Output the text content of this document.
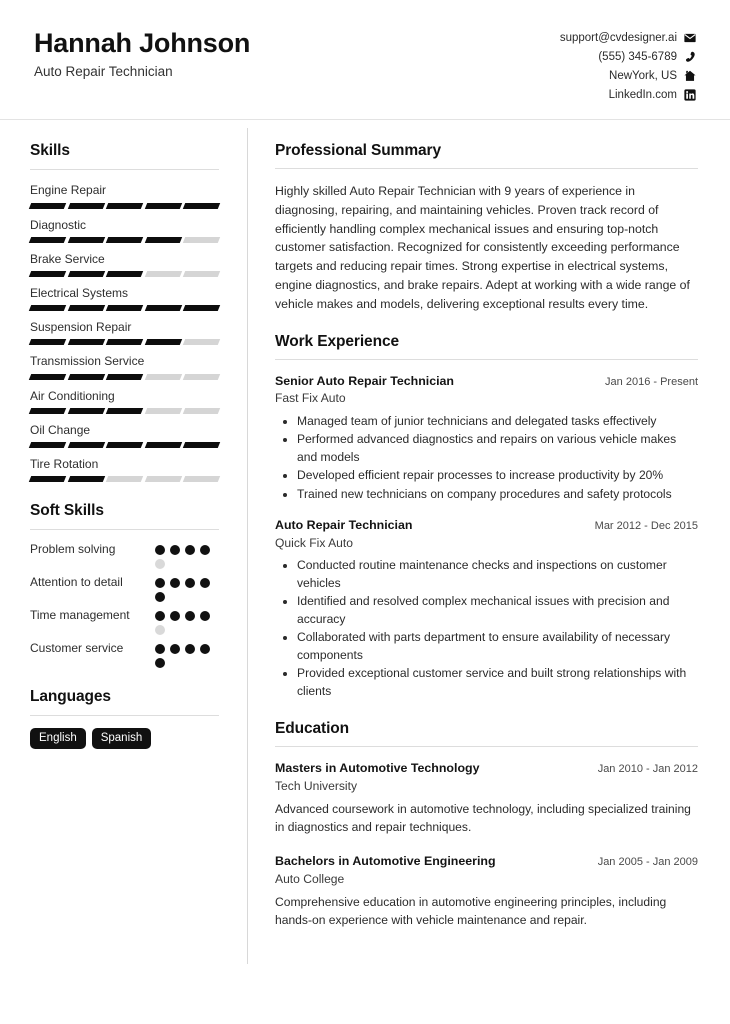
Hannah Johnson
Auto Repair Technician
support@cvdesigner.ai
(555) 345-6789
NewYork, US
LinkedIn.com
Skills
Engine Repair
Diagnostic
Brake Service
Electrical Systems
Suspension Repair
Transmission Service
Air Conditioning
Oil Change
Tire Rotation
Soft Skills
Problem solving
Attention to detail
Time management
Customer service
Languages
English	Spanish
Professional Summary

Highly skilled Auto Repair Technician with 9 years of experience in diagnosing, repairing, and maintaining vehicles. Proven track record of efficiently handling complex mechanical issues and ensuring top-notch customer satisfaction. Recognized for consistently exceeding performance targets and reducing repair times. Strong expertise in electrical systems, engine diagnostics, and brake repairs. Adept at working with a wide range of vehicle makes and models, delivering exceptional results every time.

Work Experience
Senior Auto Repair Technician	Jan 2016 - Present
Fast Fix Auto
• Managed team of junior technicians and delegated tasks effectively
• Performed advanced diagnostics and repairs on various vehicle makes and models
• Developed efficient repair processes to increase productivity by 20%
• Trained new technicians on company procedures and safety protocols
Auto Repair Technician	Mar 2012 - Dec 2015
Quick Fix Auto
• Conducted routine maintenance checks and inspections on customer vehicles
• Identified and resolved complex mechanical issues with precision and accuracy
• Collaborated with parts department to ensure availability of necessary components
• Provided exceptional customer service and built strong relationships with clients
Education
Masters in Automotive Technology	Jan 2010 - Jan 2012
Tech University

Advanced coursework in automotive technology, including specialized training in diagnostics and repair techniques.

Bachelors in Automotive Engineering	Jan 2005 - Jan 2009
Auto College

Comprehensive education in automotive engineering principles, including hands-on experience with vehicle maintenance and repair.
